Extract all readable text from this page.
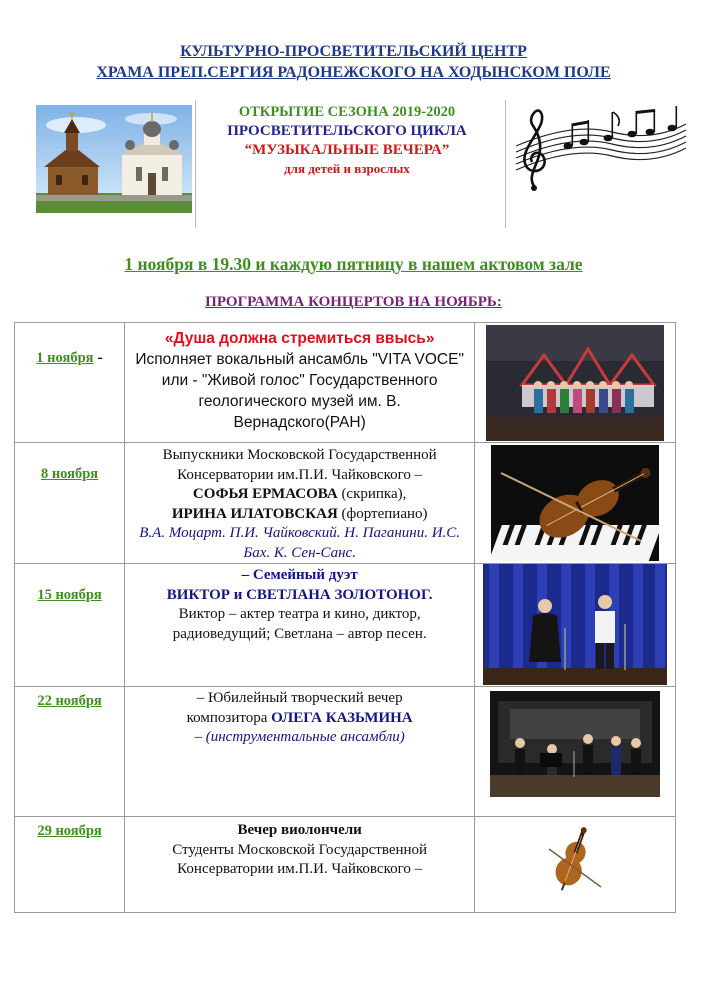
КУЛЬТУРНО-ПРОСВЕТИТЕЛЬСКИЙ ЦЕНТР
ХРАМА ПРЕП.СЕРГИЯ РАДОНЕЖСКОГО НА ХОДЫНСКОМ ПОЛЕ
ОТКРЫТИЕ СЕЗОНА 2019-2020
ПРОСВЕТИТЕЛЬСКОГО ЦИКЛА
“МУЗЫКАЛЬНЫЕ ВЕЧЕРА”
для детей и взрослых
1 ноября в 19.30 и каждую пятницу в нашем актовом зале
ПРОГРАММА КОНЦЕРТОВ НА НОЯБРЬ:
1 ноября -	«Душа должна стремиться ввысь»
Исполняет вокальный ансамбль "VITA VOCE" или - "Живой голос" Государственного геологического музей им. В. Вернадского(РАН)

8 ноября	Выпускники Московской Государственной Консерватории им.П.И. Чайковского –
СОФЬЯ ЕРМАСОВА (скрипка),
ИРИНА ИЛАТОВСКАЯ (фортепиано)
В.А. Моцарт. П.И. Чайковский. Н. Паганини. И.С. Бах. К. Сен-Санс.

15 ноября	– Семейный дуэт
ВИКТОР и СВЕТЛАНА ЗОЛОТОНОГ.
Виктор – актер театра и кино, диктор, радиоведущий; Светлана – автор песен.

22 ноября	– Юбилейный творческий вечер
композитора ОЛЕГА КАЗЬМИНА
– (инструментальные ансамбли)

29 ноября	Вечер виолончели
Студенты Московской Государственной Консерватории им.П.И. Чайковского –
